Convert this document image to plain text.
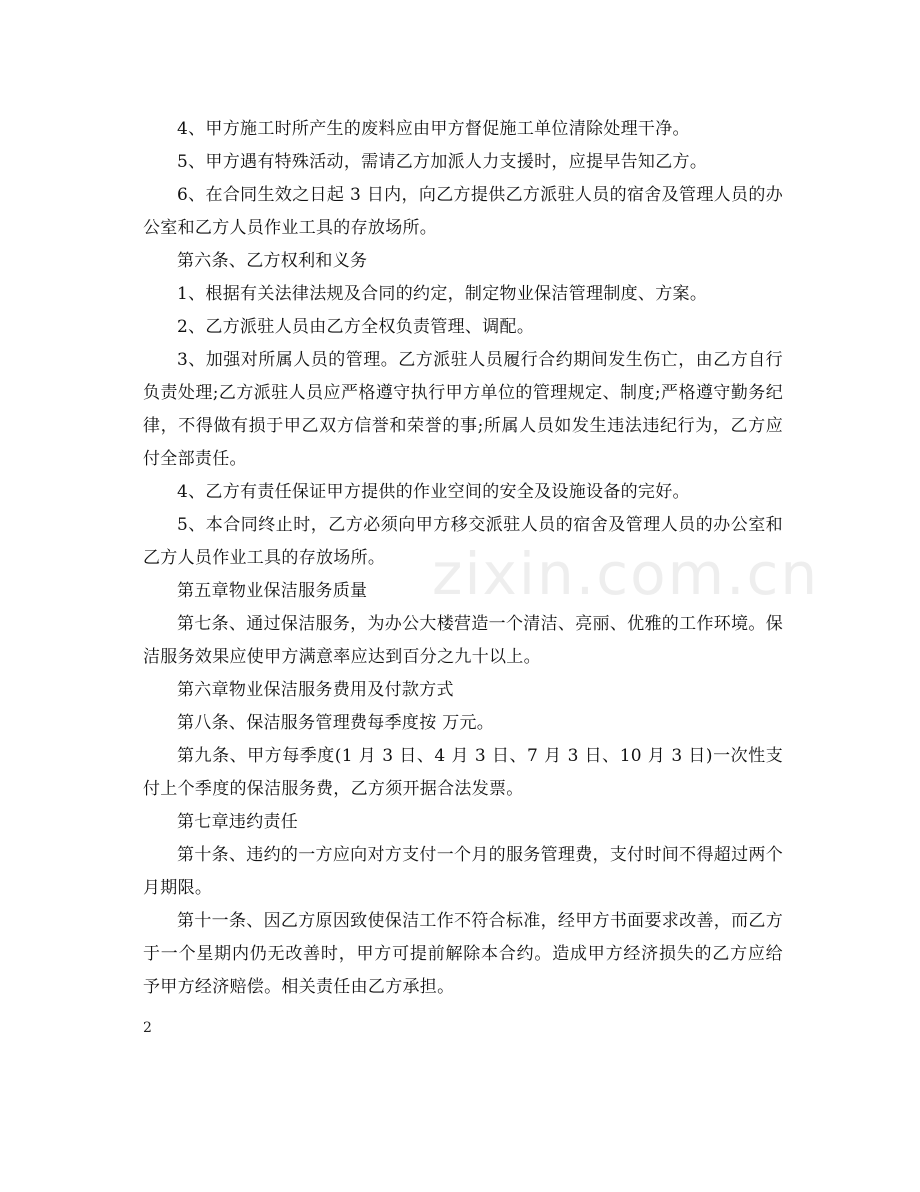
zixin.com.cn

4、甲方施工时所产生的废料应由甲方督促施工单位清除处理干净。

5、甲方遇有特殊活动，需请乙方加派人力支援时，应提早告知乙方。

6、在合同生效之日起 3 日内，向乙方提供乙方派驻人员的宿舍及管理人员的办公室和乙方人员作业工具的存放场所。

第六条、乙方权利和义务

1、根据有关法律法规及合同的约定，制定物业保洁管理制度、方案。

2、乙方派驻人员由乙方全权负责管理、调配。

3、加强对所属人员的管理。乙方派驻人员履行合约期间发生伤亡，由乙方自行负责处理;乙方派驻人员应严格遵守执行甲方单位的管理规定、制度;严格遵守勤务纪律，不得做有损于甲乙双方信誉和荣誉的事;所属人员如发生违法违纪行为，乙方应付全部责任。

4、乙方有责任保证甲方提供的作业空间的安全及设施设备的完好。

5、本合同终止时，乙方必须向甲方移交派驻人员的宿舍及管理人员的办公室和乙方人员作业工具的存放场所。

第五章物业保洁服务质量

第七条、通过保洁服务，为办公大楼营造一个清洁、亮丽、优雅的工作环境。保洁服务效果应使甲方满意率应达到百分之九十以上。

第六章物业保洁服务费用及付款方式

第八条、保洁服务管理费每季度按 万元。

第九条、甲方每季度(1 月 3 日、4 月 3 日、7 月 3 日、10 月 3 日)一次性支付上个季度的保洁服务费，乙方须开据合法发票。

第七章违约责任

第十条、违约的一方应向对方支付一个月的服务管理费，支付时间不得超过两个月期限。

第十一条、因乙方原因致使保洁工作不符合标准，经甲方书面要求改善，而乙方于一个星期内仍无改善时，甲方可提前解除本合约。造成甲方经济损失的乙方应给予甲方经济赔偿。相关责任由乙方承担。

2
